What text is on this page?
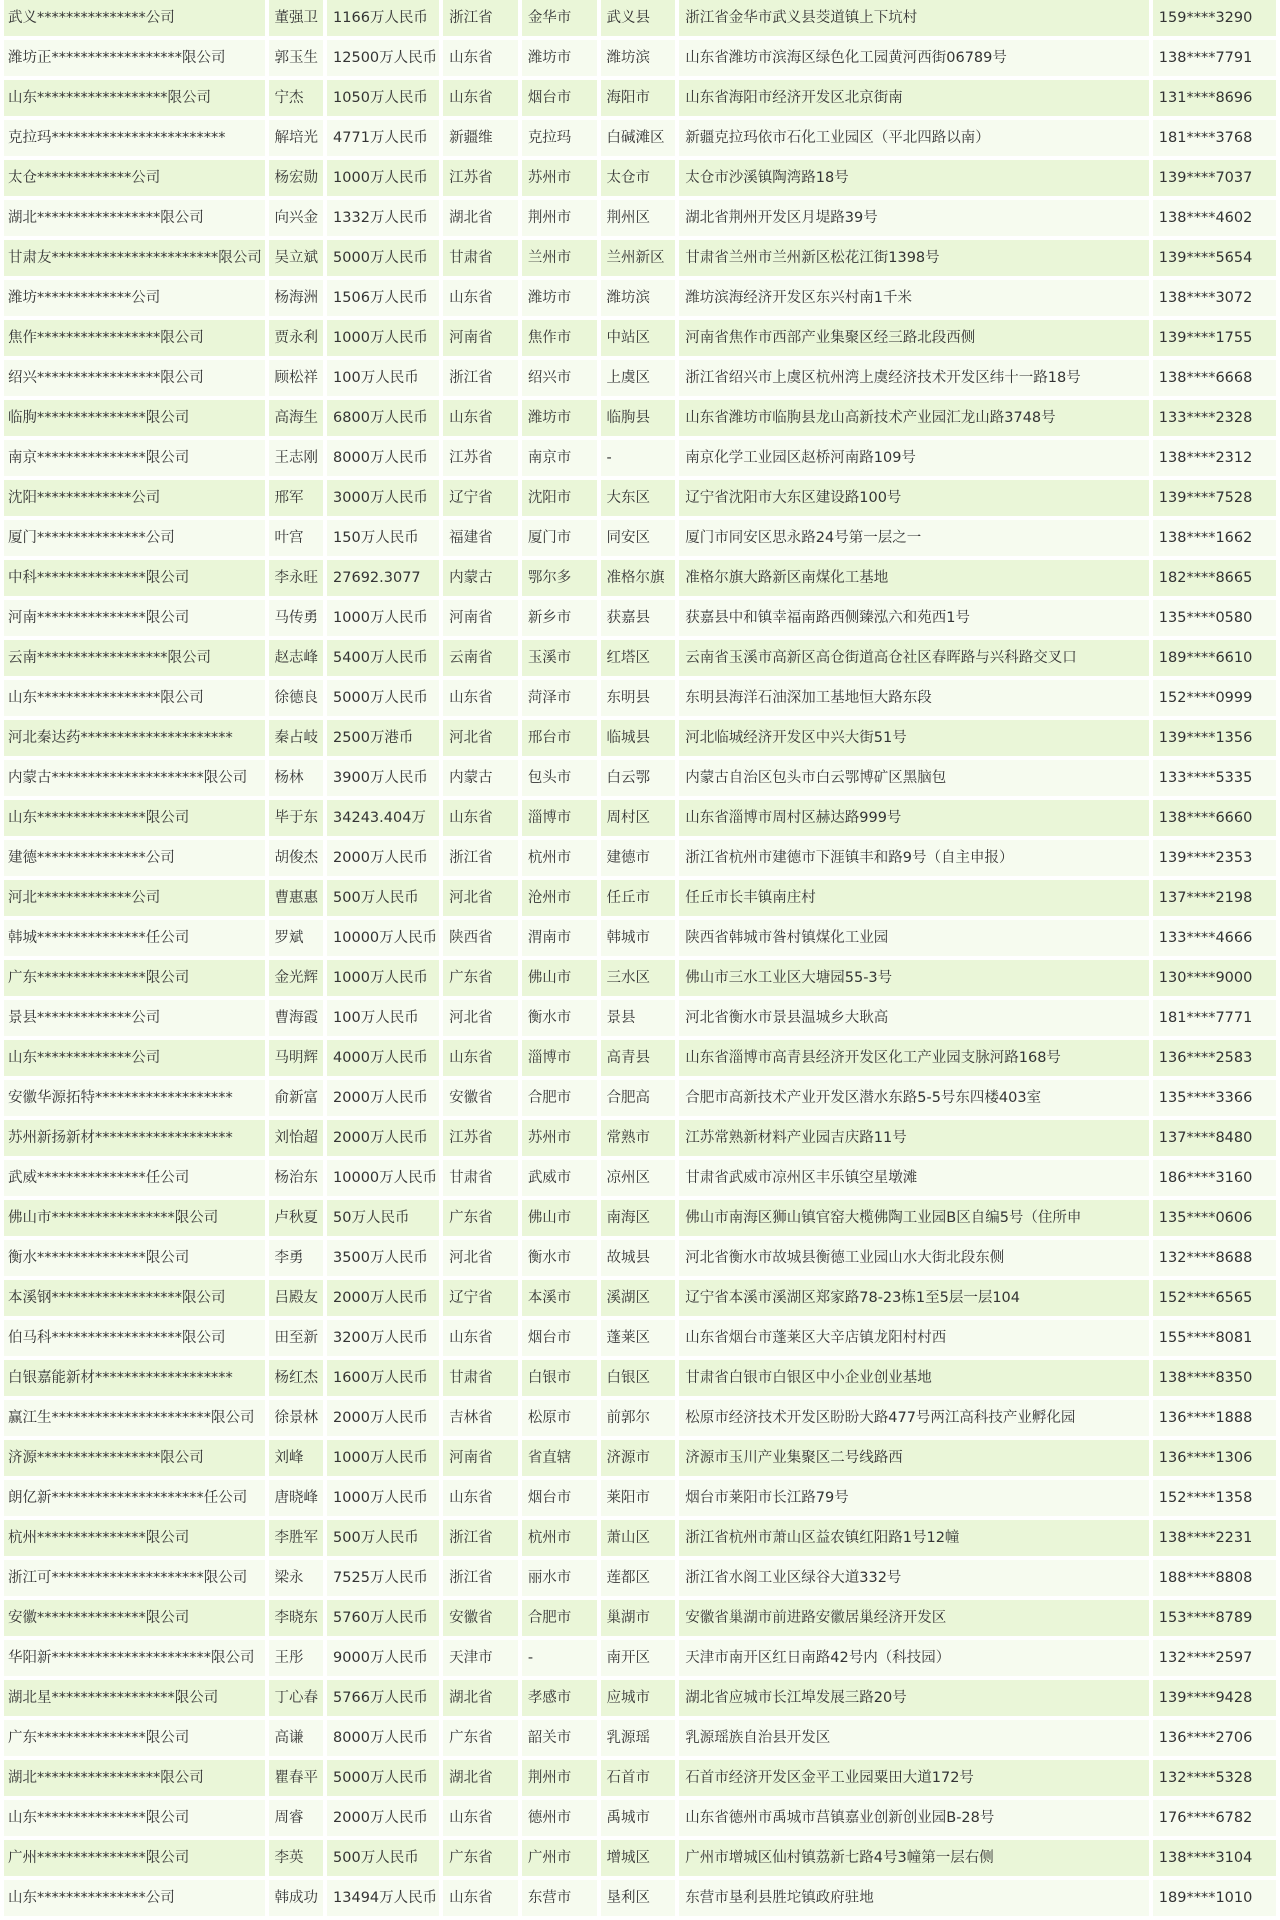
武义***************公司	董强卫	1166万人民币	浙江省	金华市	武义县	浙江省金华市武义县茭道镇上下坑村	159****3290
潍坊正******************限公司	郭玉生	12500万人民币	山东省	潍坊市	潍坊滨	山东省潍坊市滨海区绿色化工园黄河西街06789号	138****7791
山东******************限公司	宁杰	1050万人民币	山东省	烟台市	海阳市	山东省海阳市经济开发区北京街南	131****8696
克拉玛************************	解培光	4771万人民币	新疆维	克拉玛	白碱滩区	新疆克拉玛依市石化工业园区（平北四路以南）	181****3768
太仓*************公司	杨宏勋	1000万人民币	江苏省	苏州市	太仓市	太仓市沙溪镇陶湾路18号	139****7037
湖北*****************限公司	向兴金	1332万人民币	湖北省	荆州市	荆州区	湖北省荆州开发区月堤路39号	138****4602
甘肃友***********************限公司	吴立斌	5000万人民币	甘肃省	兰州市	兰州新区	甘肃省兰州市兰州新区松花江街1398号	139****5654
潍坊*************公司	杨海洲	1506万人民币	山东省	潍坊市	潍坊滨	潍坊滨海经济开发区东兴村南1千米	138****3072
焦作*****************限公司	贾永利	1000万人民币	河南省	焦作市	中站区	河南省焦作市西部产业集聚区经三路北段西侧	139****1755
绍兴*****************限公司	顾松祥	100万人民币	浙江省	绍兴市	上虞区	浙江省绍兴市上虞区杭州湾上虞经济技术开发区纬十一路18号	138****6668
临朐***************限公司	高海生	6800万人民币	山东省	潍坊市	临朐县	山东省潍坊市临朐县龙山高新技术产业园汇龙山路3748号	133****2328
南京***************限公司	王志刚	8000万人民币	江苏省	南京市	-	南京化学工业园区赵桥河南路109号	138****2312
沈阳*************公司	邢军	3000万人民币	辽宁省	沈阳市	大东区	辽宁省沈阳市大东区建设路100号	139****7528
厦门***************公司	叶宫	150万人民币	福建省	厦门市	同安区	厦门市同安区思永路24号第一层之一	138****1662
中科***************限公司	李永旺	27692.3077	内蒙古	鄂尔多	准格尔旗	准格尔旗大路新区南煤化工基地	182****8665
河南***************限公司	马传勇	1000万人民币	河南省	新乡市	获嘉县	获嘉县中和镇幸福南路西侧臻泓六和苑西1号	135****0580
云南******************限公司	赵志峰	5400万人民币	云南省	玉溪市	红塔区	云南省玉溪市高新区高仓街道高仓社区春晖路与兴科路交叉口	189****6610
山东*****************限公司	徐德良	5000万人民币	山东省	菏泽市	东明县	东明县海洋石油深加工基地恒大路东段	152****0999
河北秦达药*********************	秦占岐	2500万港币	河北省	邢台市	临城县	河北临城经济开发区中兴大街51号	139****1356
内蒙古*********************限公司	杨林	3900万人民币	内蒙古	包头市	白云鄂	内蒙古自治区包头市白云鄂博矿区黑脑包	133****5335
山东***************限公司	毕于东	34243.404万	山东省	淄博市	周村区	山东省淄博市周村区赫达路999号	138****6660
建德***************公司	胡俊杰	2000万人民币	浙江省	杭州市	建德市	浙江省杭州市建德市下涯镇丰和路9号（自主申报）	139****2353
河北*************公司	曹惠惠	500万人民币	河北省	沧州市	任丘市	任丘市长丰镇南庄村	137****2198
韩城***************任公司	罗斌	10000万人民币	陕西省	渭南市	韩城市	陕西省韩城市昝村镇煤化工业园	133****4666
广东***************限公司	金光辉	1000万人民币	广东省	佛山市	三水区	佛山市三水工业区大塘园55-3号	130****9000
景县*************公司	曹海霞	100万人民币	河北省	衡水市	景县	河北省衡水市景县温城乡大耿高	181****7771
山东*************公司	马明辉	4000万人民币	山东省	淄博市	高青县	山东省淄博市高青县经济开发区化工产业园支脉河路168号	136****2583
安徽华源拓特*******************	俞新富	2000万人民币	安徽省	合肥市	合肥高	合肥市高新技术产业开发区潜水东路5-5号东四楼403室	135****3366
苏州新扬新材*******************	刘怡超	2000万人民币	江苏省	苏州市	常熟市	江苏常熟新材料产业园吉庆路11号	137****8480
武威***************任公司	杨治东	10000万人民币	甘肃省	武威市	凉州区	甘肃省武威市凉州区丰乐镇空星墩滩	186****3160
佛山市*****************限公司	卢秋夏	50万人民币	广东省	佛山市	南海区	佛山市南海区狮山镇官窑大榄佛陶工业园B区自编5号（住所申	135****0606
衡水***************限公司	李勇	3500万人民币	河北省	衡水市	故城县	河北省衡水市故城县衡德工业园山水大街北段东侧	132****8688
本溪钢******************限公司	吕殿友	2000万人民币	辽宁省	本溪市	溪湖区	辽宁省本溪市溪湖区郑家路78-23栋1至5层一层104	152****6565
伯马科******************限公司	田至新	3200万人民币	山东省	烟台市	蓬莱区	山东省烟台市蓬莱区大辛店镇龙阳村村西	155****8081
白银嘉能新材*******************	杨红杰	1600万人民币	甘肃省	白银市	白银区	甘肃省白银市白银区中小企业创业基地	138****8350
赢江生**********************限公司	徐景林	2000万人民币	吉林省	松原市	前郭尔	松原市经济技术开发区盼盼大路477号两江高科技产业孵化园	136****1888
济源*****************限公司	刘峰	1000万人民币	河南省	省直辖	济源市	济源市玉川产业集聚区二号线路西	136****1306
朗亿新*********************任公司	唐晓峰	1000万人民币	山东省	烟台市	莱阳市	烟台市莱阳市长江路79号	152****1358
杭州***************限公司	李胜军	500万人民币	浙江省	杭州市	萧山区	浙江省杭州市萧山区益农镇红阳路1号12幢	138****2231
浙江可*********************限公司	梁永	7525万人民币	浙江省	丽水市	莲都区	浙江省水阁工业区绿谷大道332号	188****8808
安徽***************限公司	李晓东	5760万人民币	安徽省	合肥市	巢湖市	安徽省巢湖市前进路安徽居巢经济开发区	153****8789
华阳新**********************限公司	王彤	9000万人民币	天津市	-	南开区	天津市南开区红日南路42号内（科技园）	132****2597
湖北星*****************限公司	丁心春	5766万人民币	湖北省	孝感市	应城市	湖北省应城市长江埠发展三路20号	139****9428
广东***************限公司	高谦	8000万人民币	广东省	韶关市	乳源瑶	乳源瑶族自治县开发区	136****2706
湖北*****************限公司	瞿春平	5000万人民币	湖北省	荆州市	石首市	石首市经济开发区金平工业园粟田大道172号	132****5328
山东***************限公司	周睿	2000万人民币	山东省	德州市	禹城市	山东省德州市禹城市莒镇嘉业创新创业园B-28号	176****6782
广州***************限公司	李英	500万人民币	广东省	广州市	增城区	广州市增城区仙村镇荔新七路4号3幢第一层右侧	138****3104
山东***************公司	韩成功	13494万人民币	山东省	东营市	垦利区	东营市垦利县胜坨镇政府驻地	189****1010
